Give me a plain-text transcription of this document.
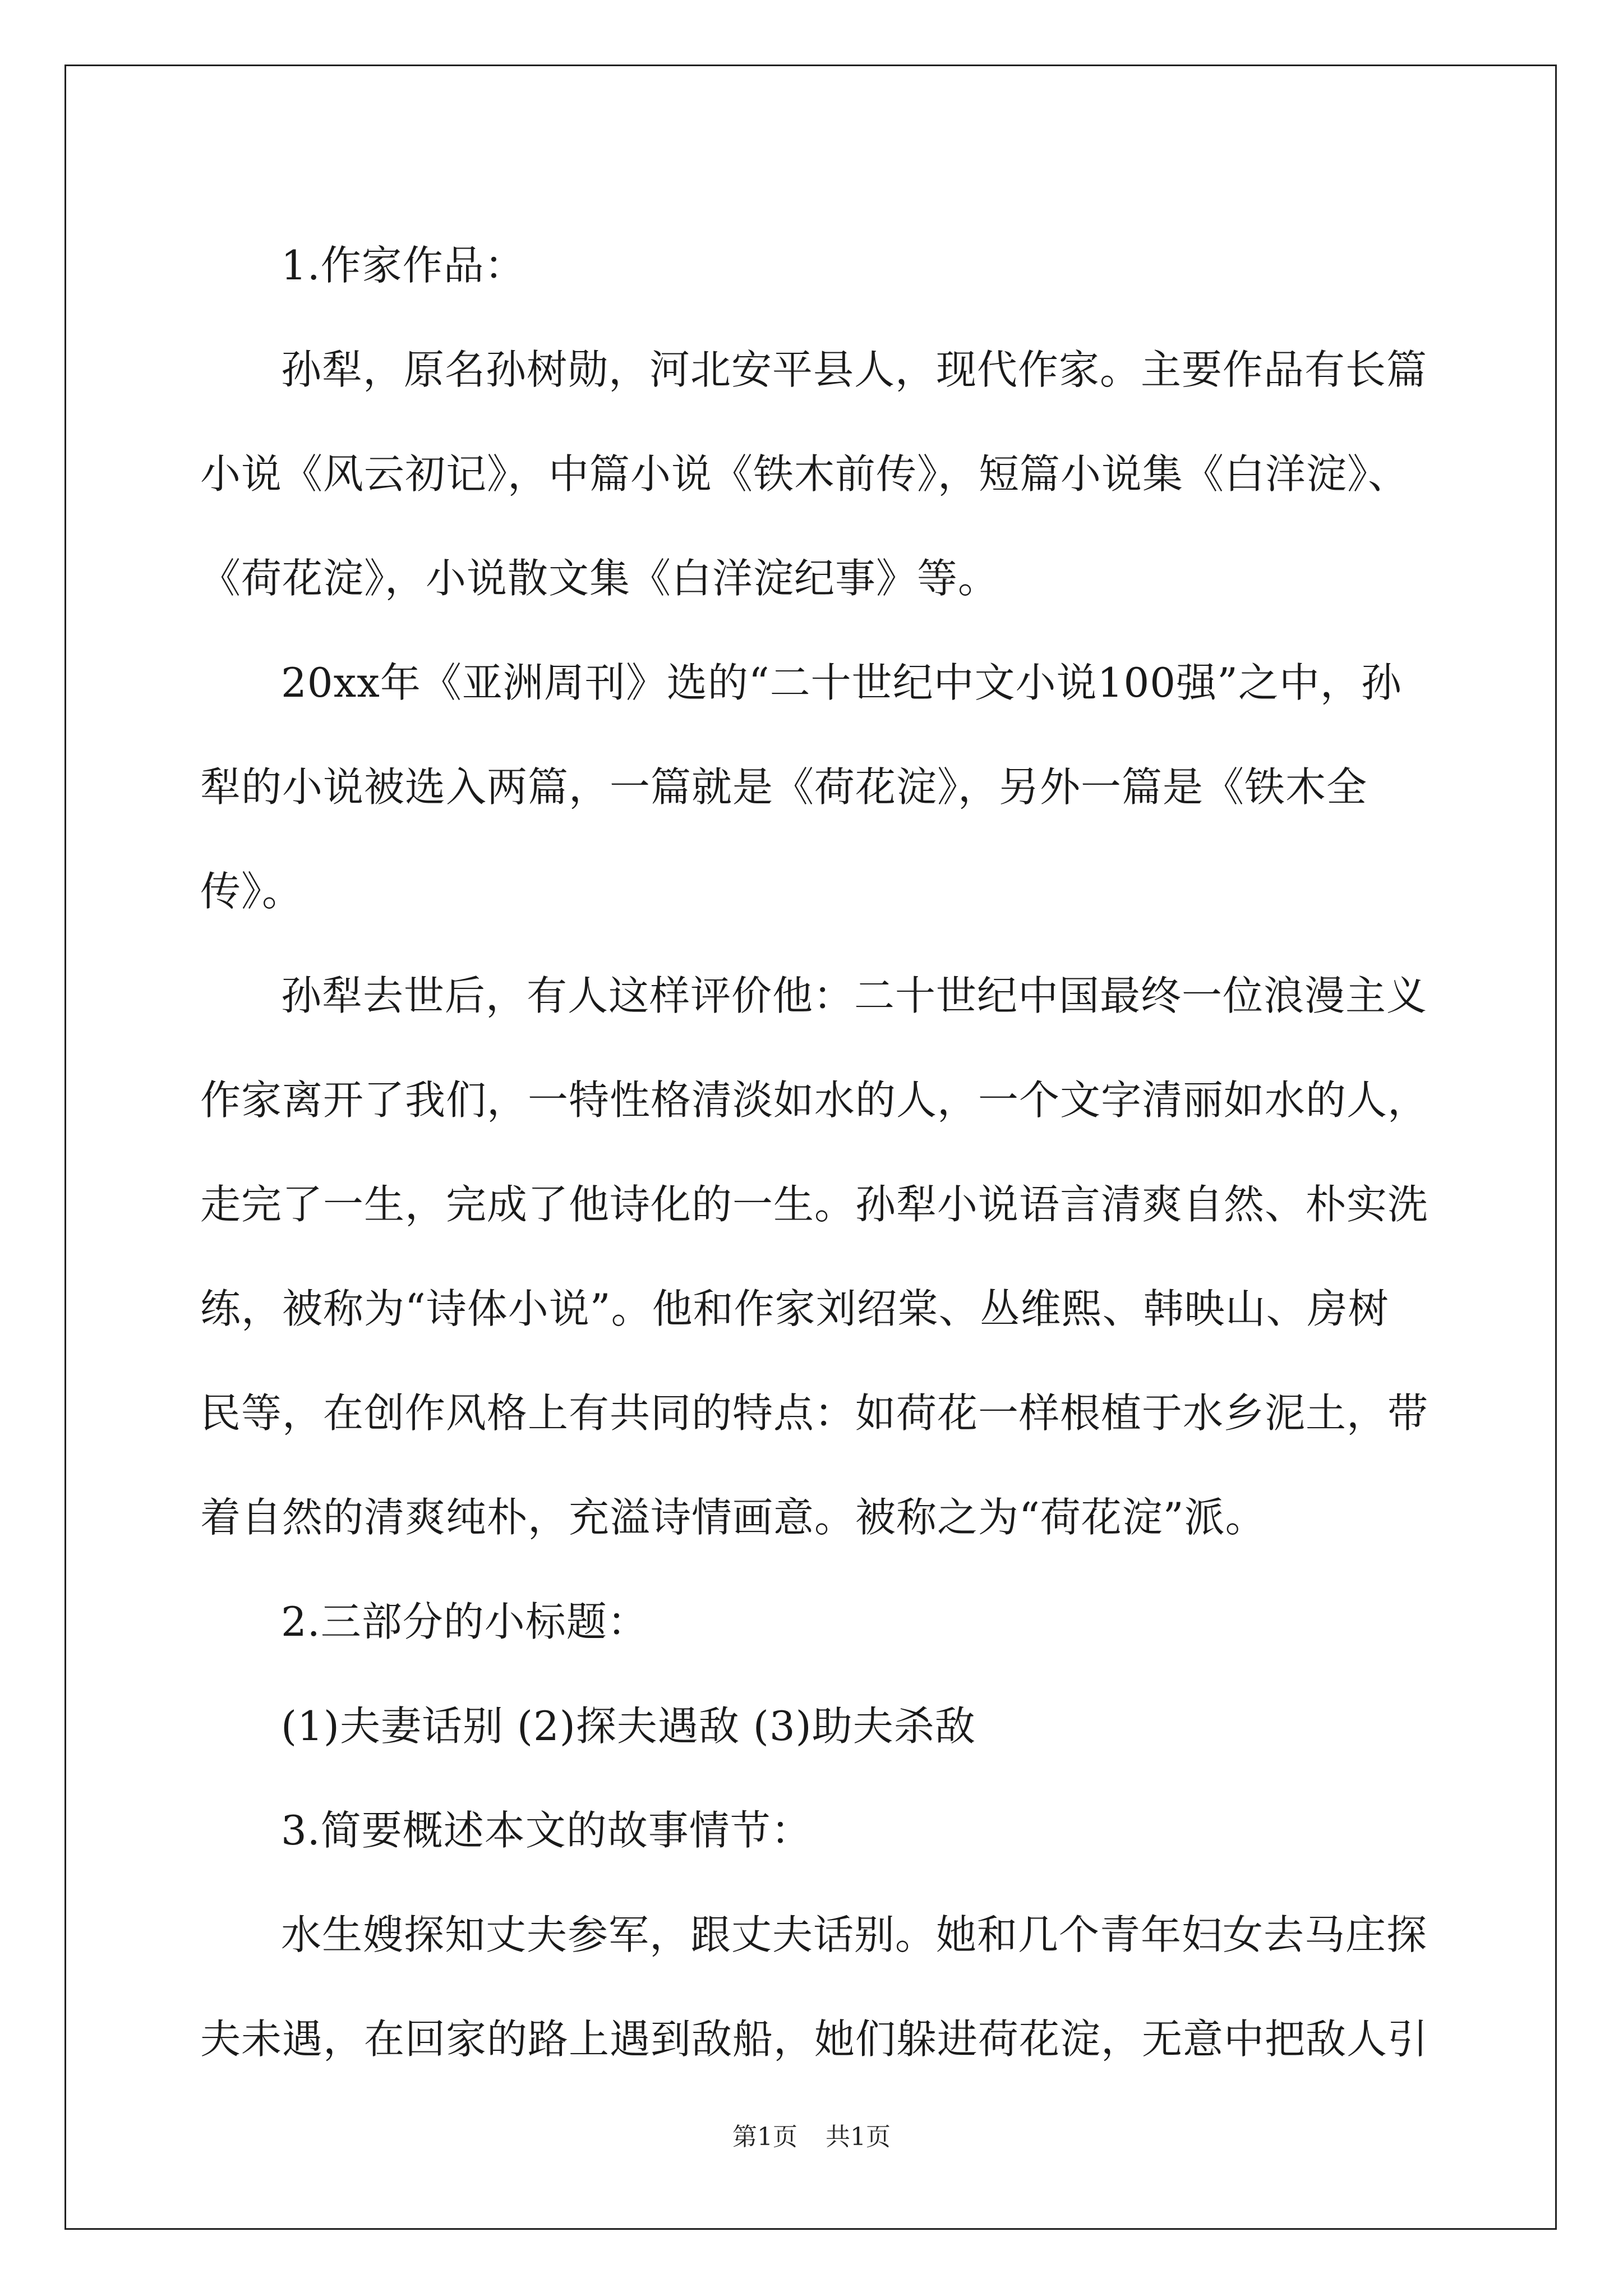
1.作家作品：

孙犁，原名孙树勋，河北安平县人，现代作家。主要作品有长篇小说《风云初记》，中篇小说《铁木前传》，短篇小说集《白洋淀》、《荷花淀》，小说散文集《白洋淀纪事》等。

20xx年《亚洲周刊》选的“二十世纪中文小说100强”之中，孙犁的小说被选入两篇，一篇就是《荷花淀》，另外一篇是《铁木全传》。

孙犁去世后，有人这样评价他：二十世纪中国最终一位浪漫主义作家离开了我们，一特性格清淡如水的人，一个文字清丽如水的人，走完了一生，完成了他诗化的一生。孙犁小说语言清爽自然、朴实洗练，被称为“诗体小说”。他和作家刘绍棠、丛维熙、韩映山、房树民等，在创作风格上有共同的特点：如荷花一样根植于水乡泥土，带着自然的清爽纯朴，充溢诗情画意。被称之为“荷花淀”派。

2.三部分的小标题：

(1)夫妻话别 (2)探夫遇敌 (3)助夫杀敌

3.简要概述本文的故事情节：

水生嫂探知丈夫参军，跟丈夫话别。她和几个青年妇女去马庄探夫未遇，在回家的路上遇到敌船，她们躲进荷花淀，无意中把敌人引

第1页 共1页
